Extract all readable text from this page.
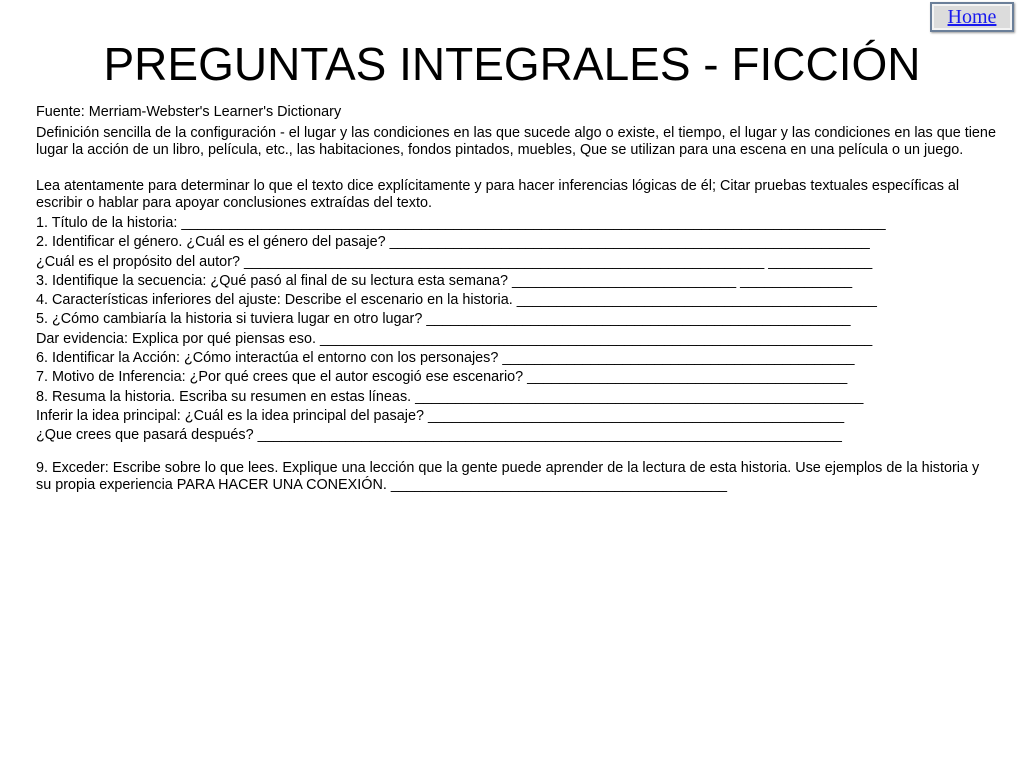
Home
PREGUNTAS INTEGRALES - FICCIÓN

Fuente: Merriam-Webster's Learner's Dictionary

Definición sencilla de la configuración - el lugar y las condiciones en las que sucede algo o existe, el tiempo, el lugar y las condiciones en las que tiene lugar la acción de un libro, película, etc., las habitaciones, fondos pintados, muebles, Que se utilizan para una escena en una película o un juego.

Lea atentamente para determinar lo que el texto dice explícitamente y para hacer inferencias lógicas de él; Citar pruebas textuales específicas al escribir o hablar para apoyar conclusiones extraídas del texto.

1. Título de la historia: ________________________________________________________________________________________

2. Identificar el género. ¿Cuál es el género del pasaje? ____________________________________________________________

¿Cuál es el propósito del autor? _________________________________________________________________ _____________

3. Identifique la secuencia: ¿Qué pasó al final de su lectura esta semana? ____________________________ ______________

4. Características inferiores del ajuste: Describe el escenario en la historia. _____________________________________________

5. ¿Cómo cambiaría la historia si tuviera lugar en otro lugar? _____________________________________________________

Dar evidencia: Explica por qué piensas eso. _____________________________________________________________________

6. Identificar la Acción: ¿Cómo interactúa el entorno con los personajes? ____________________________________________

7. Motivo de Inferencia: ¿Por qué crees que el autor escogió ese escenario? ________________________________________

8. Resuma la historia. Escriba su resumen en estas líneas. ________________________________________________________

Inferir la idea principal: ¿Cuál es la idea principal del pasaje? ____________________________________________________

¿Que crees que pasará después? _________________________________________________________________________

9. Exceder: Escribe sobre lo que lees. Explique una lección que la gente puede aprender de la lectura de esta historia. Use ejemplos de la historia y su propia experiencia PARA HACER UNA CONEXIÓN. __________________________________________
